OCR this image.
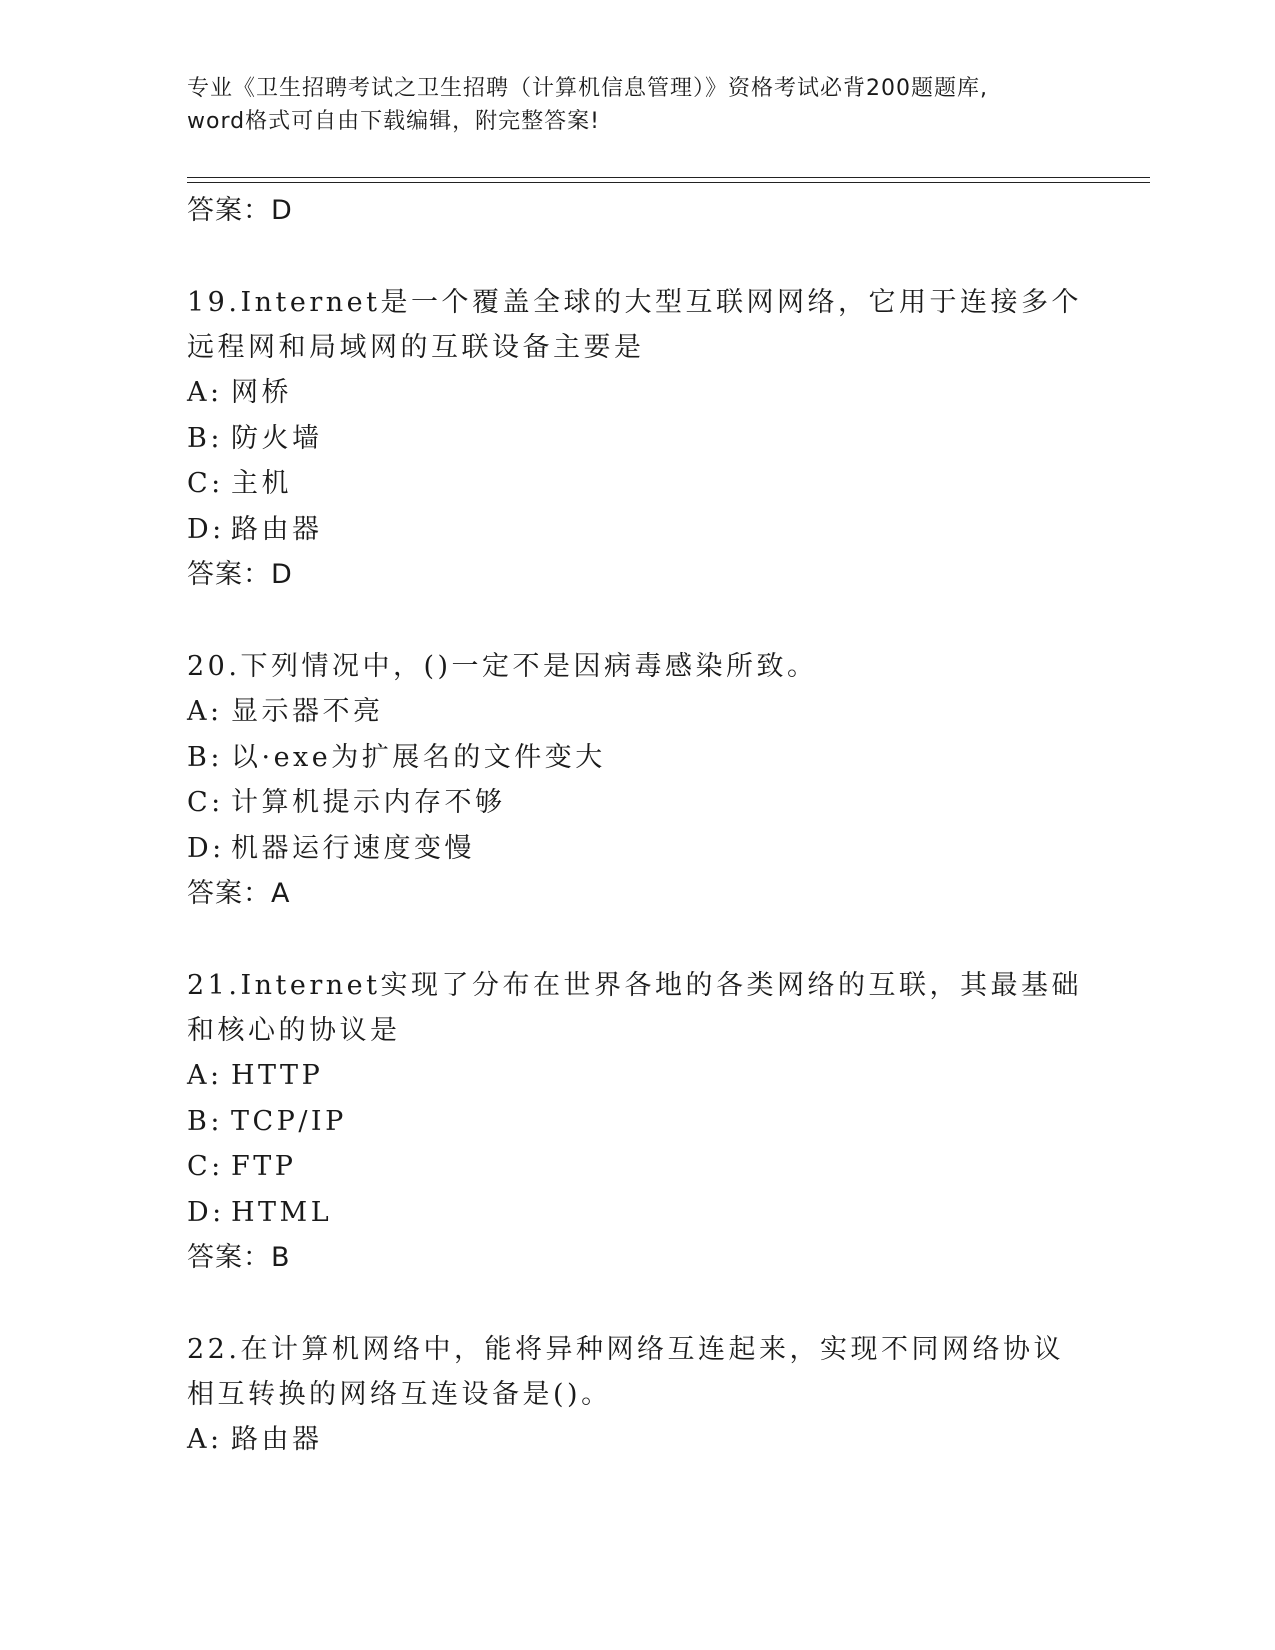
专业《卫生招聘考试之卫生招聘（计算机信息管理）》资格考试必背200题题库,
word格式可自由下载编辑，附完整答案!
答案：D
19.Internet是一个覆盖全球的大型互联网网络，它用于连接多个远程网和局域网的互联设备主要是
A: 网桥
B: 防火墙
C: 主机
D: 路由器
答案：D
20.下列情况中，()一定不是因病毒感染所致。
A: 显示器不亮
B: 以·exe为扩展名的文件变大
C: 计算机提示内存不够
D: 机器运行速度变慢
答案：A
21.Internet实现了分布在世界各地的各类网络的互联，其最基础和核心的协议是
A: HTTP
B: TCP/IP
C: FTP
D: HTML
答案：B
22.在计算机网络中，能将异种网络互连起来，实现不同网络协议相互转换的网络互连设备是()。
A: 路由器
